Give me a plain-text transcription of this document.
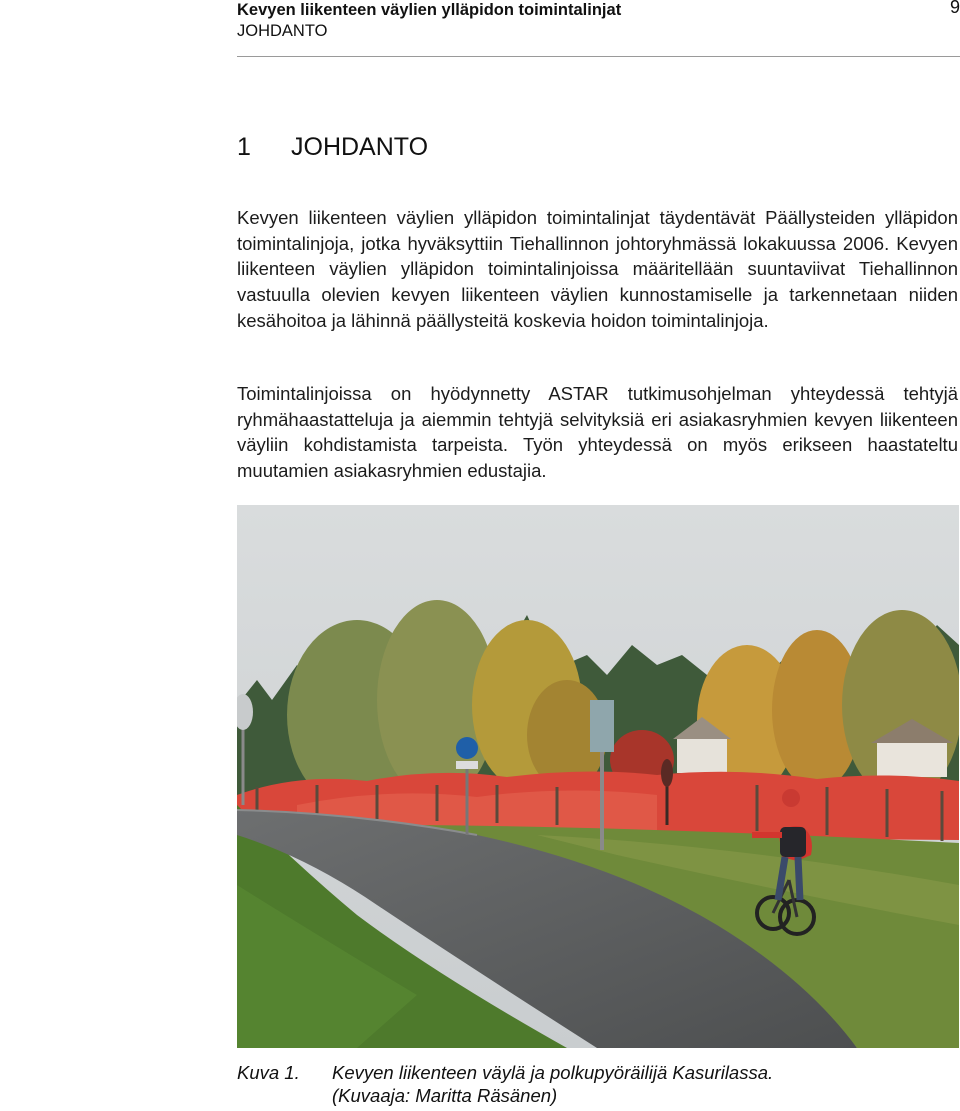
Kevyen liikenteen väylien ylläpidon toimintalinjat
JOHDANTO
9
1 JOHDANTO

Kevyen liikenteen väylien ylläpidon toimintalinjat täydentävät Päällysteiden ylläpidon toimintalinjoja, jotka hyväksyttiin Tiehallinnon johtoryhmässä lokakuussa 2006. Kevyen liikenteen väylien ylläpidon toimintalinjoissa määritellään suuntaviivat Tiehallinnon vastuulla olevien kevyen liikenteen väylien kunnostamiselle ja tarkennetaan niiden kesähoitoa ja lähinnä päällysteitä koskevia hoidon toimintalinjoja.

Toimintalinjoissa on hyödynnetty ASTAR tutkimusohjelman yhteydessä tehtyjä ryhmähaastatteluja ja aiemmin tehtyjä selvityksiä eri asiakasryhmien kevyen liikenteen väyliin kohdistamista tarpeista. Työn yhteydessä on myös erikseen haastateltu muutamien asiakasryhmien edustajia.

Kuva 1. Kevyen liikenteen väylä ja polkupyöräilijä Kasurilassa.
(Kuvaaja: Maritta Räsänen)
